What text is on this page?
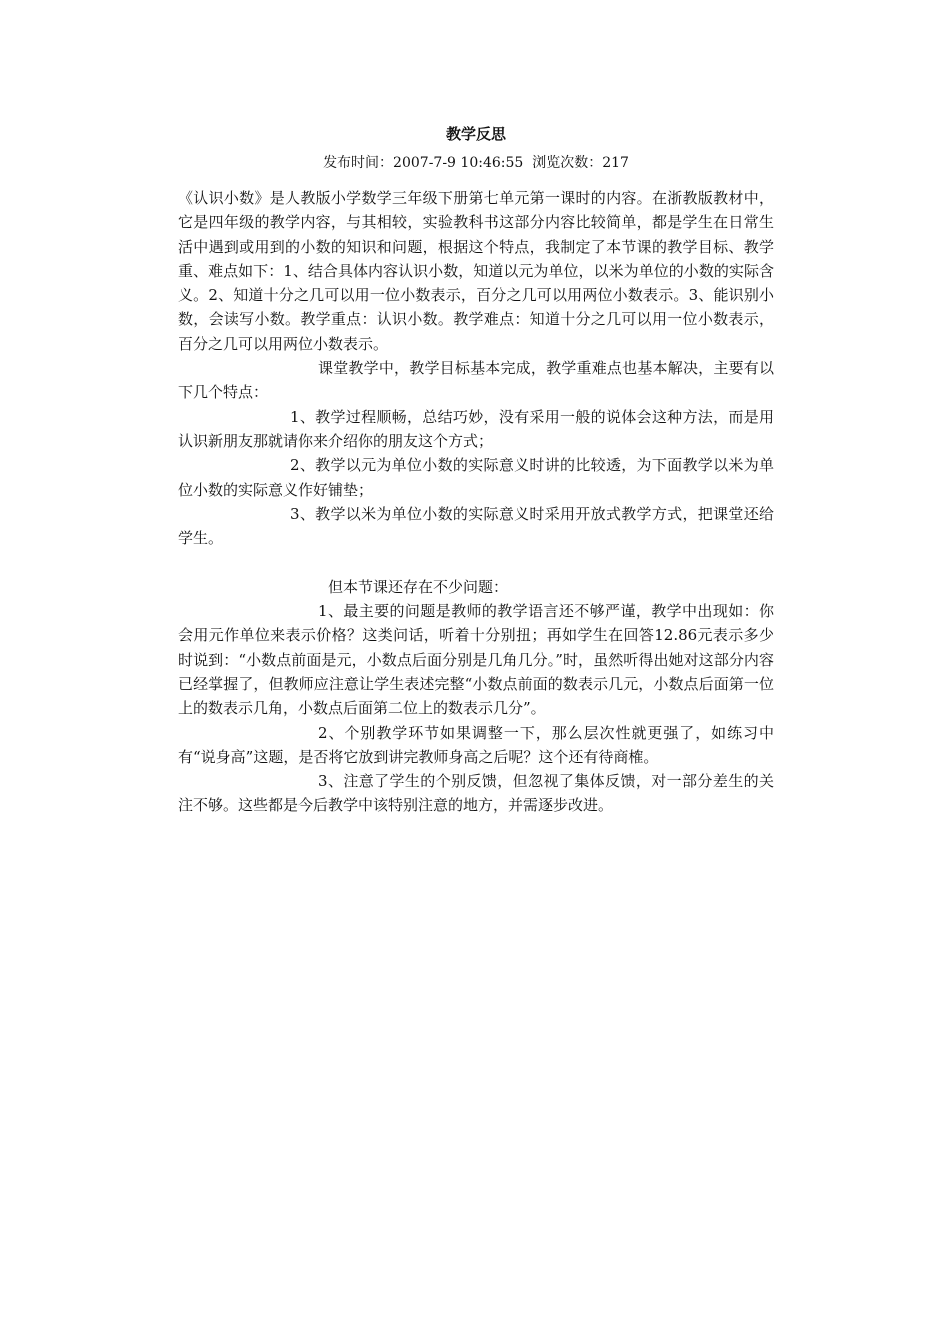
教学反思
发布时间：2007-7-9 10:46:55  浏览次数：217

《认识小数》是人教版小学数学三年级下册第七单元第一课时的内容。在浙教版教材中，它是四年级的教学内容，与其相较，实验教科书这部分内容比较简单，都是学生在日常生活中遇到或用到的小数的知识和问题，根据这个特点，我制定了本节课的教学目标、教学重、难点如下：1、结合具体内容认识小数，知道以元为单位，以米为单位的小数的实际含义。2、知道十分之几可以用一位小数表示，百分之几可以用两位小数表示。3、能识别小数，会读写小数。教学重点：认识小数。教学难点：知道十分之几可以用一位小数表示，百分之几可以用两位小数表示。

课堂教学中，教学目标基本完成，教学重难点也基本解决，主要有以下几个特点：

1、教学过程顺畅，总结巧妙，没有采用一般的说体会这种方法，而是用认识新朋友那就请你来介绍你的朋友这个方式；

2、教学以元为单位小数的实际意义时讲的比较透，为下面教学以米为单位小数的实际意义作好铺垫；

3、教学以米为单位小数的实际意义时采用开放式教学方式，把课堂还给学生。

但本节课还存在不少问题：

1、最主要的问题是教师的教学语言还不够严谨，教学中出现如：你会用元作单位来表示价格？这类问话，听着十分别扭；再如学生在回答12.86元表示多少时说到：“小数点前面是元，小数点后面分别是几角几分。”时，虽然听得出她对这部分内容已经掌握了，但教师应注意让学生表述完整“小数点前面的数表示几元，小数点后面第一位上的数表示几角，小数点后面第二位上的数表示几分”。

2、个别教学环节如果调整一下，那么层次性就更强了，如练习中有“说身高”这题，是否将它放到讲完教师身高之后呢？这个还有待商榷。

3、注意了学生的个别反馈，但忽视了集体反馈，对一部分差生的关注不够。这些都是今后教学中该特别注意的地方，并需逐步改进。
